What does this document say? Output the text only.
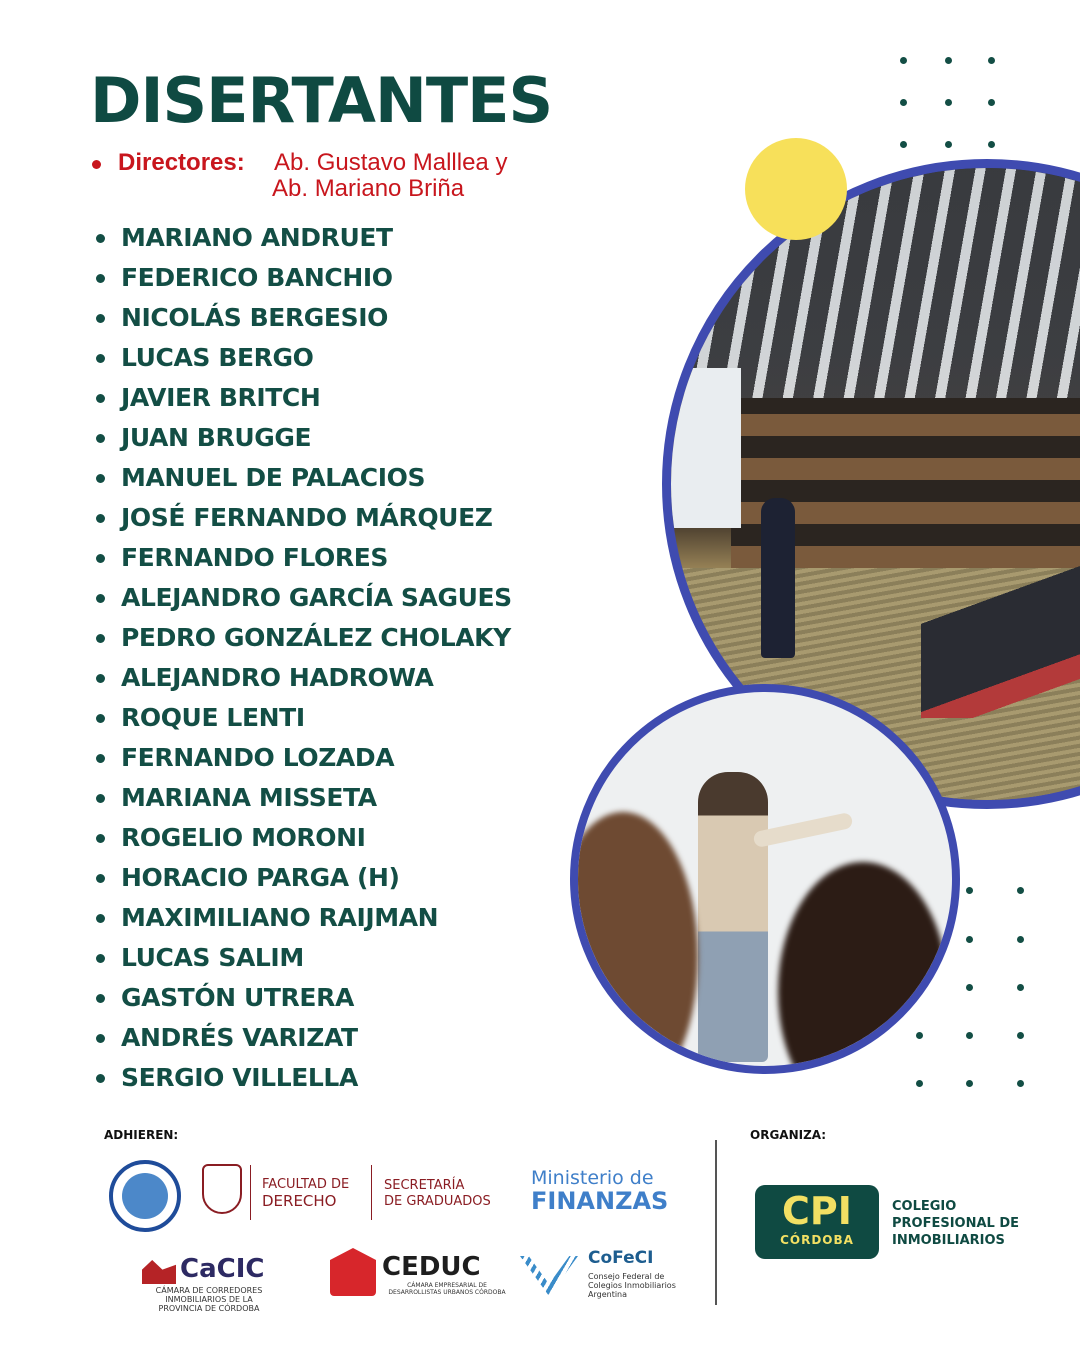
DISERTANTES
Directores: Ab. Gustavo Malllea y
Ab. Mariano Briña
MARIANO ANDRUET
FEDERICO BANCHIO
NICOLÁS BERGESIO
LUCAS BERGO
JAVIER BRITCH
JUAN BRUGGE
MANUEL DE PALACIOS
JOSÉ FERNANDO MÁRQUEZ
FERNANDO FLORES
ALEJANDRO GARCÍA SAGUES
PEDRO GONZÁLEZ CHOLAKY
ALEJANDRO HADROWA
ROQUE LENTI
FERNANDO LOZADA
MARIANA MISSETA
ROGELIO MORONI
HORACIO PARGA (H)
MAXIMILIANO RAIJMAN
LUCAS SALIM
GASTÓN UTRERA
ANDRÉS VARIZAT
SERGIO VILLELLA
ADHIEREN:	ORGANIZA:
FACULTAD DE
DERECHO
SECRETARÍA
DE GRADUADOS
Ministerio de
FINANZAS
CaCIC
CÁMARA DE CORREDORES INMOBILIARIOS DE LA PROVINCIA DE CÓRDOBA
CEDUC
CÁMARA EMPRESARIAL DE DESARROLLISTAS URBANOS CÓRDOBA
CoFeCI
Consejo Federal de
Colegios Inmobiliarios
Argentina
CPI
CÓRDOBA
COLEGIO
PROFESIONAL DE
INMOBILIARIOS
